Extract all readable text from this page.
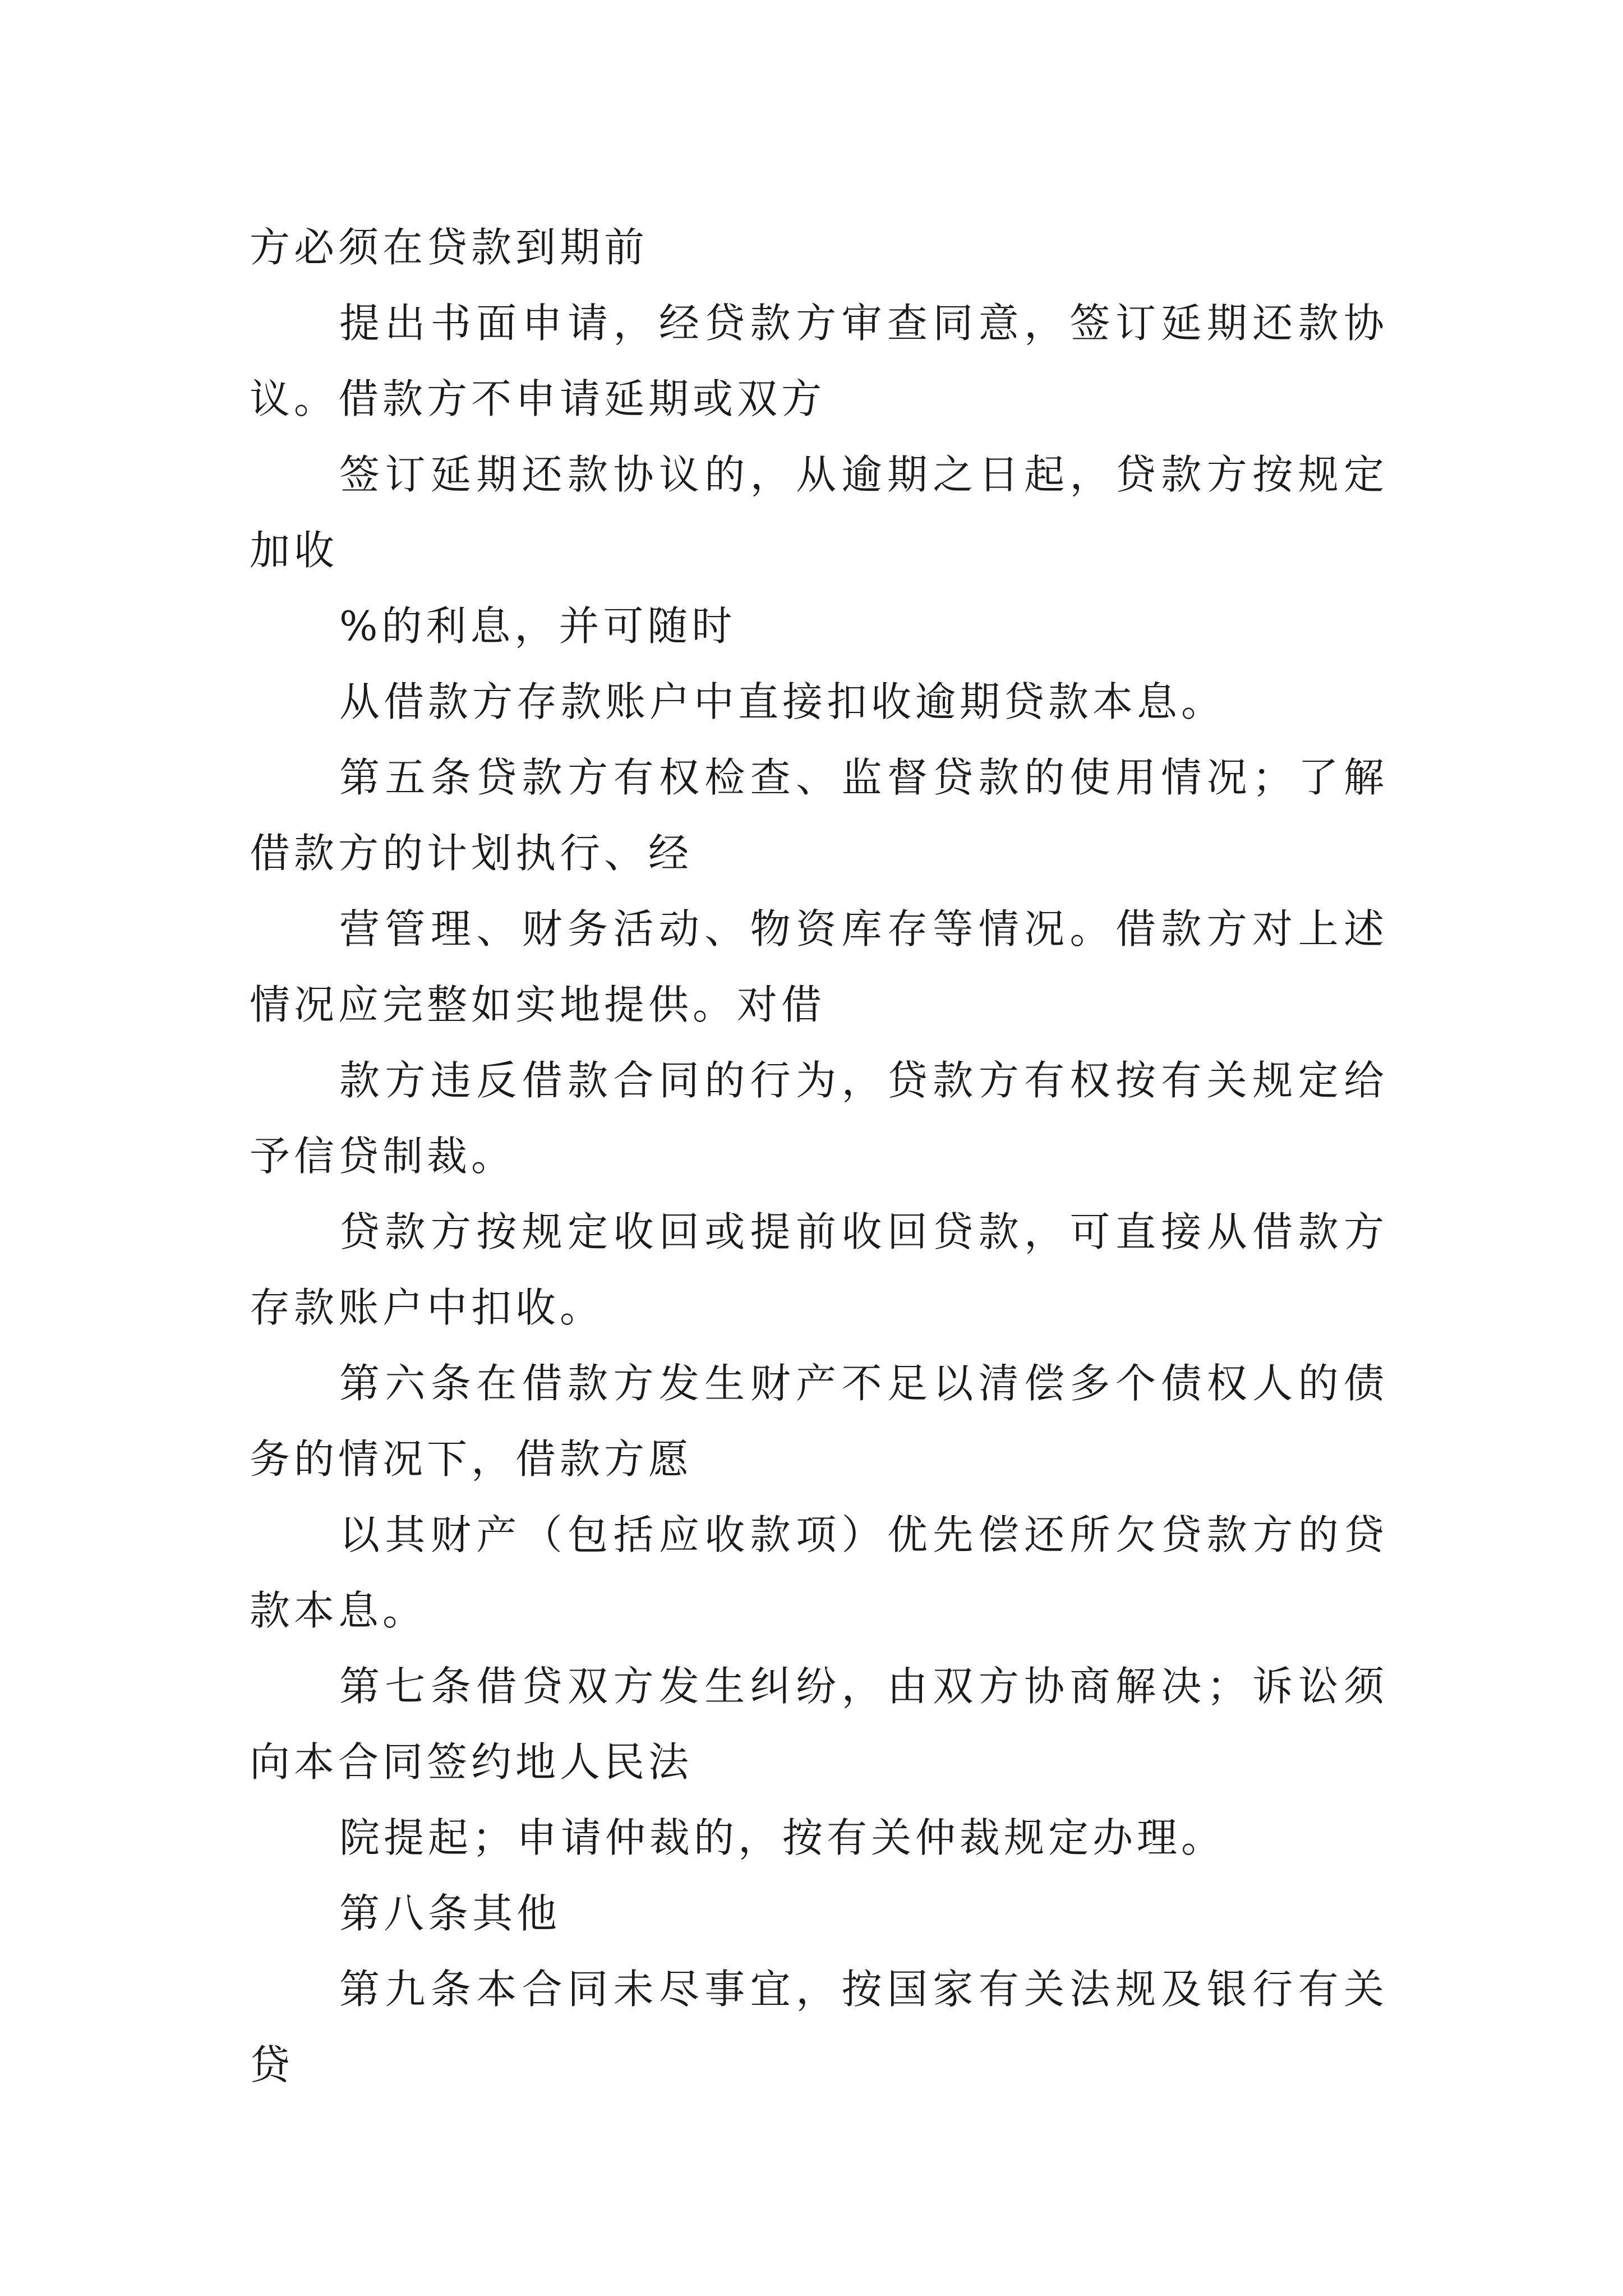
方必须在贷款到期前

提出书面申请，经贷款方审查同意，签订延期还款协议。借款方不申请延期或双方

签订延期还款协议的，从逾期之日起，贷款方按规定加收

%的利息，并可随时

从借款方存款账户中直接扣收逾期贷款本息。

第五条贷款方有权检查、监督贷款的使用情况；了解借款方的计划执行、经

营管理、财务活动、物资库存等情况。借款方对上述情况应完整如实地提供。对借

款方违反借款合同的行为，贷款方有权按有关规定给予信贷制裁。

贷款方按规定收回或提前收回贷款，可直接从借款方存款账户中扣收。

第六条在借款方发生财产不足以清偿多个债权人的债务的情况下，借款方愿

以其财产（包括应收款项）优先偿还所欠贷款方的贷款本息。

第七条借贷双方发生纠纷，由双方协商解决；诉讼须向本合同签约地人民法

院提起；申请仲裁的，按有关仲裁规定办理。

第八条其他

第九条本合同未尽事宜，按国家有关法规及银行有关贷
